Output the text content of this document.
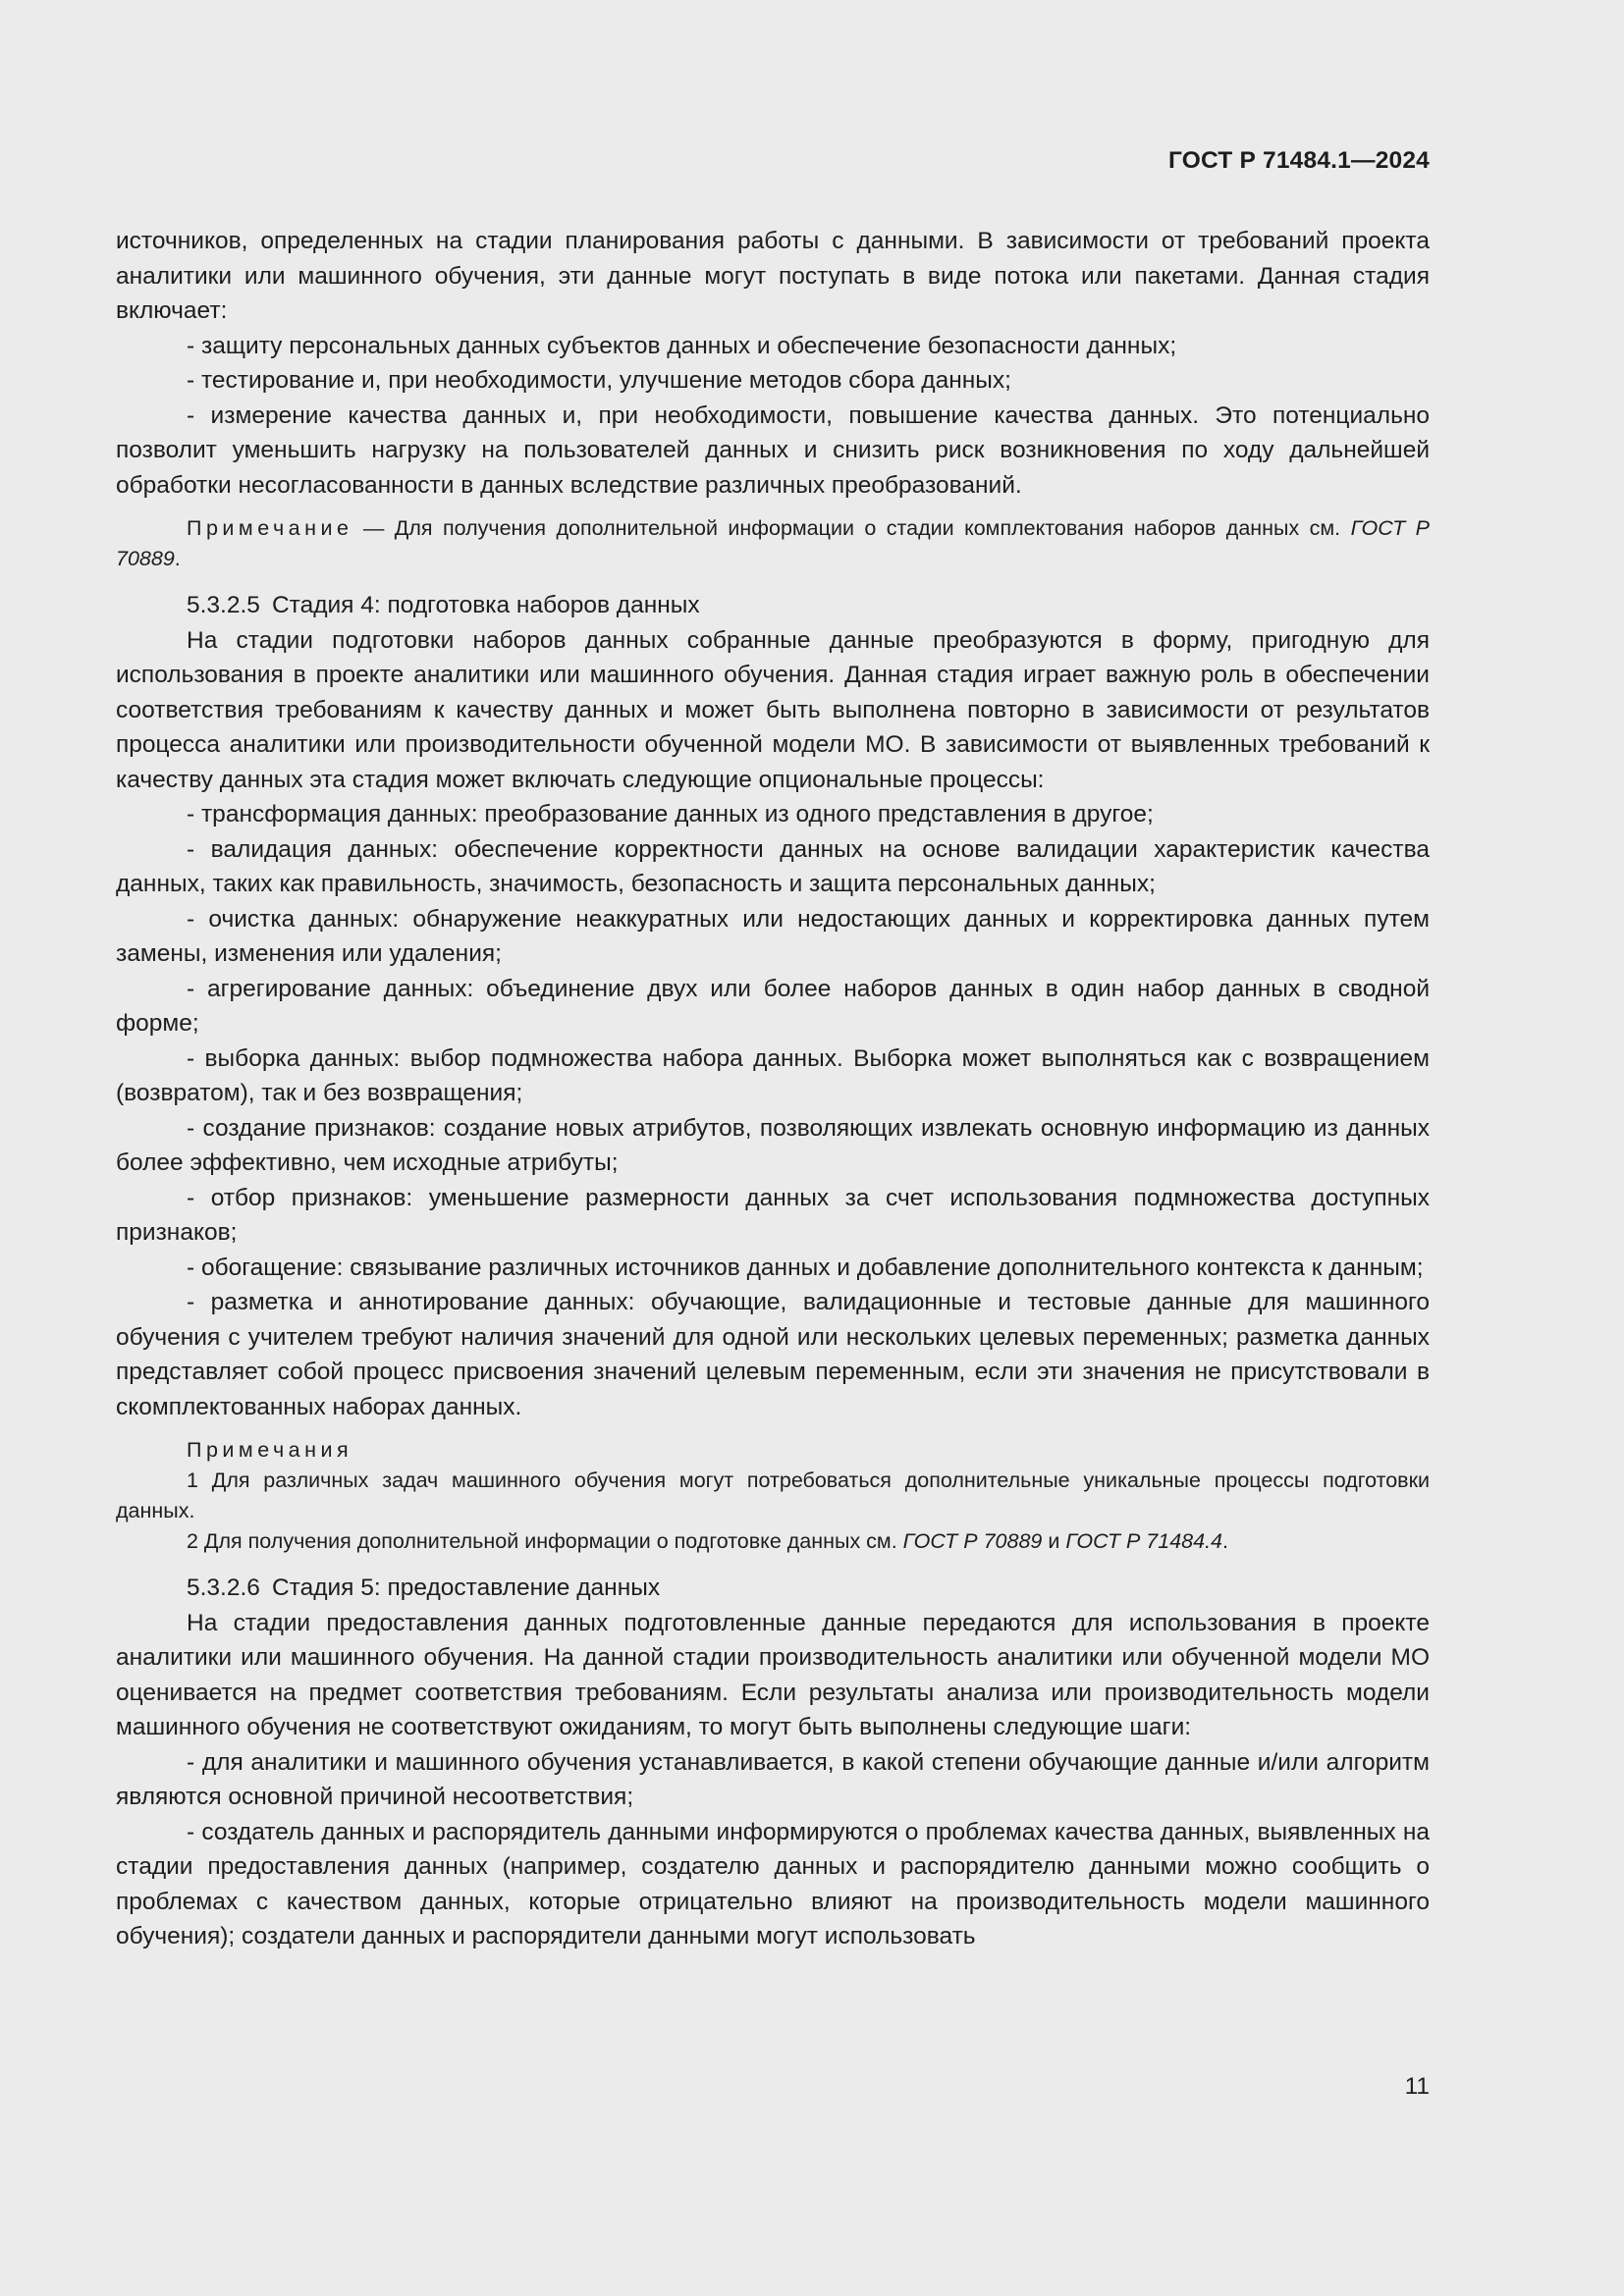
ГОСТ Р 71484.1—2024

источников, определенных на стадии планирования работы с данными. В зависимости от требований проекта аналитики или машинного обучения, эти данные могут поступать в виде потока или пакетами. Данная стадия включает:

- защиту персональных данных субъектов данных и обеспечение безопасности данных;

- тестирование и, при необходимости, улучшение методов сбора данных;

- измерение качества данных и, при необходимости, повышение качества данных. Это потенциально позволит уменьшить нагрузку на пользователей данных и снизить риск возникновения по ходу дальнейшей обработки несогласованности в данных вследствие различных преобразований.

Примечание — Для получения дополнительной информации о стадии комплектования наборов данных см. ГОСТ Р 70889.

5.3.2.5 Стадия 4: подготовка наборов данных

На стадии подготовки наборов данных собранные данные преобразуются в форму, пригодную для использования в проекте аналитики или машинного обучения. Данная стадия играет важную роль в обеспечении соответствия требованиям к качеству данных и может быть выполнена повторно в зависимости от результатов процесса аналитики или производительности обученной модели МО. В зависимости от выявленных требований к качеству данных эта стадия может включать следующие опциональные процессы:

- трансформация данных: преобразование данных из одного представления в другое;

- валидация данных: обеспечение корректности данных на основе валидации характеристик качества данных, таких как правильность, значимость, безопасность и защита персональных данных;

- очистка данных: обнаружение неаккуратных или недостающих данных и корректировка данных путем замены, изменения или удаления;

- агрегирование данных: объединение двух или более наборов данных в один набор данных в сводной форме;

- выборка данных: выбор подмножества набора данных. Выборка может выполняться как с возвращением (возвратом), так и без возвращения;

- создание признаков: создание новых атрибутов, позволяющих извлекать основную информацию из данных более эффективно, чем исходные атрибуты;

- отбор признаков: уменьшение размерности данных за счет использования подмножества доступных признаков;

- обогащение: связывание различных источников данных и добавление дополнительного контекста к данным;

- разметка и аннотирование данных: обучающие, валидационные и тестовые данные для машинного обучения с учителем требуют наличия значений для одной или нескольких целевых переменных; разметка данных представляет собой процесс присвоения значений целевым переменным, если эти значения не присутствовали в скомплектованных наборах данных.

Примечания

1 Для различных задач машинного обучения могут потребоваться дополнительные уникальные процессы подготовки данных.

2 Для получения дополнительной информации о подготовке данных см. ГОСТ Р 70889 и ГОСТ Р 71484.4.

5.3.2.6 Стадия 5: предоставление данных

На стадии предоставления данных подготовленные данные передаются для использования в проекте аналитики или машинного обучения. На данной стадии производительность аналитики или обученной модели МО оценивается на предмет соответствия требованиям. Если результаты анализа или производительность модели машинного обучения не соответствуют ожиданиям, то могут быть выполнены следующие шаги:

- для аналитики и машинного обучения устанавливается, в какой степени обучающие данные и/или алгоритм являются основной причиной несоответствия;

- создатель данных и распорядитель данными информируются о проблемах качества данных, выявленных на стадии предоставления данных (например, создателю данных и распорядителю данными можно сообщить о проблемах с качеством данных, которые отрицательно влияют на производительность модели машинного обучения); создатели данных и распорядители данными могут использовать

11
